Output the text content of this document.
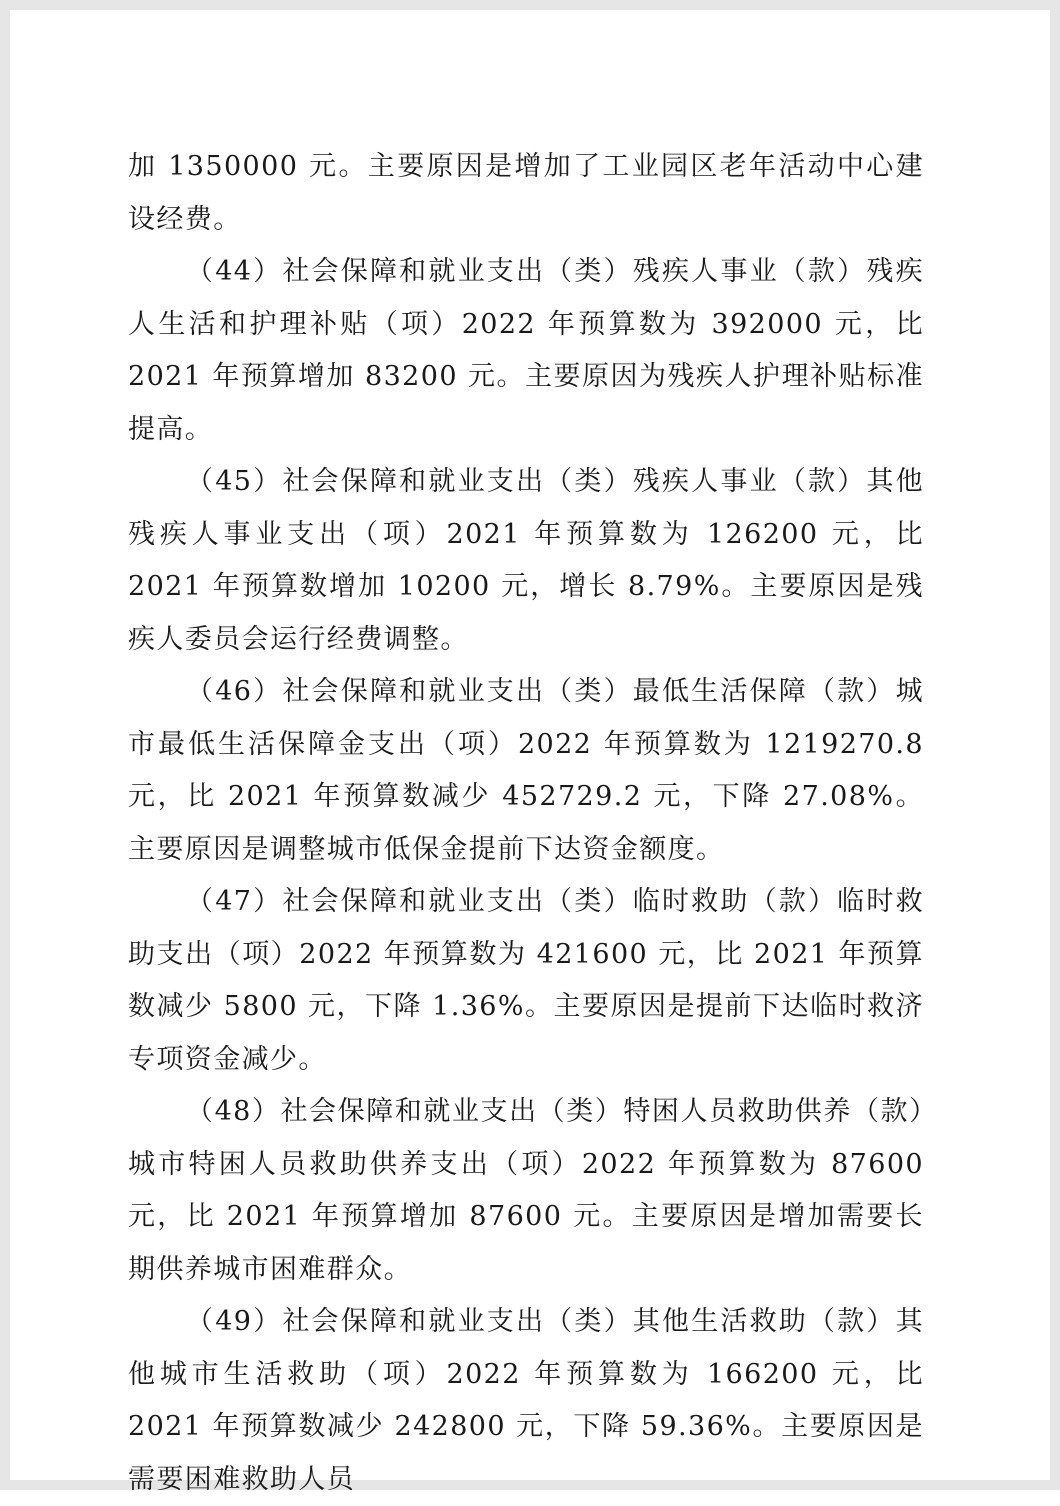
加 1350000 元。主要原因是增加了工业园区老年活动中心建设经费。

（44）社会保障和就业支出（类）残疾人事业（款）残疾人生活和护理补贴（项）2022 年预算数为 392000 元，比 2021 年预算增加 83200 元。主要原因为残疾人护理补贴标准提高。

（45）社会保障和就业支出（类）残疾人事业（款）其他残疾人事业支出（项）2021 年预算数为 126200 元，比 2021 年预算数增加 10200 元，增长 8.79%。主要原因是残疾人委员会运行经费调整。

（46）社会保障和就业支出（类）最低生活保障（款）城市最低生活保障金支出（项）2022 年预算数为 1219270.8 元，比 2021 年预算数减少 452729.2 元，下降 27.08%。主要原因是调整城市低保金提前下达资金额度。

（47）社会保障和就业支出（类）临时救助（款）临时救助支出（项）2022 年预算数为 421600 元，比 2021 年预算数减少 5800 元，下降 1.36%。主要原因是提前下达临时救济专项资金减少。

（48）社会保障和就业支出（类）特困人员救助供养（款）城市特困人员救助供养支出（项）2022 年预算数为 87600 元，比 2021 年预算增加 87600 元。主要原因是增加需要长期供养城市困难群众。

（49）社会保障和就业支出（类）其他生活救助（款）其他城市生活救助（项）2022 年预算数为 166200 元，比 2021 年预算数减少 242800 元，下降 59.36%。主要原因是需要困难救助人员
